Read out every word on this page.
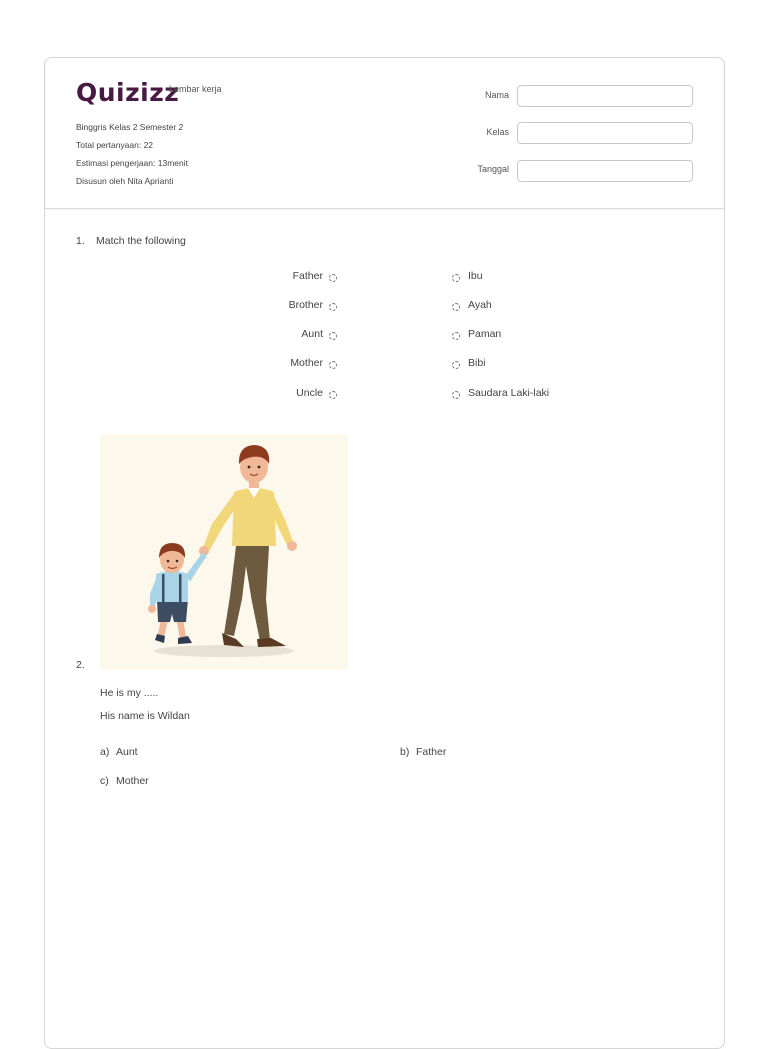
Quizizz
Lembar kerja
Binggris Kelas 2 Semester 2
Total pertanyaan: 22
Estimasi pengerjaan: 13menit
Disusun oleh Nita Aprianti
Nama
Kelas
Tanggal
1. Match the following
Father	Ibu
Brother	Ayah
Aunt	Paman
Mother	Bibi
Uncle	Saudara Laki-laki
2.
He is my .....
His name is Wildan
a) Aunt	b) Father
c) Mother
